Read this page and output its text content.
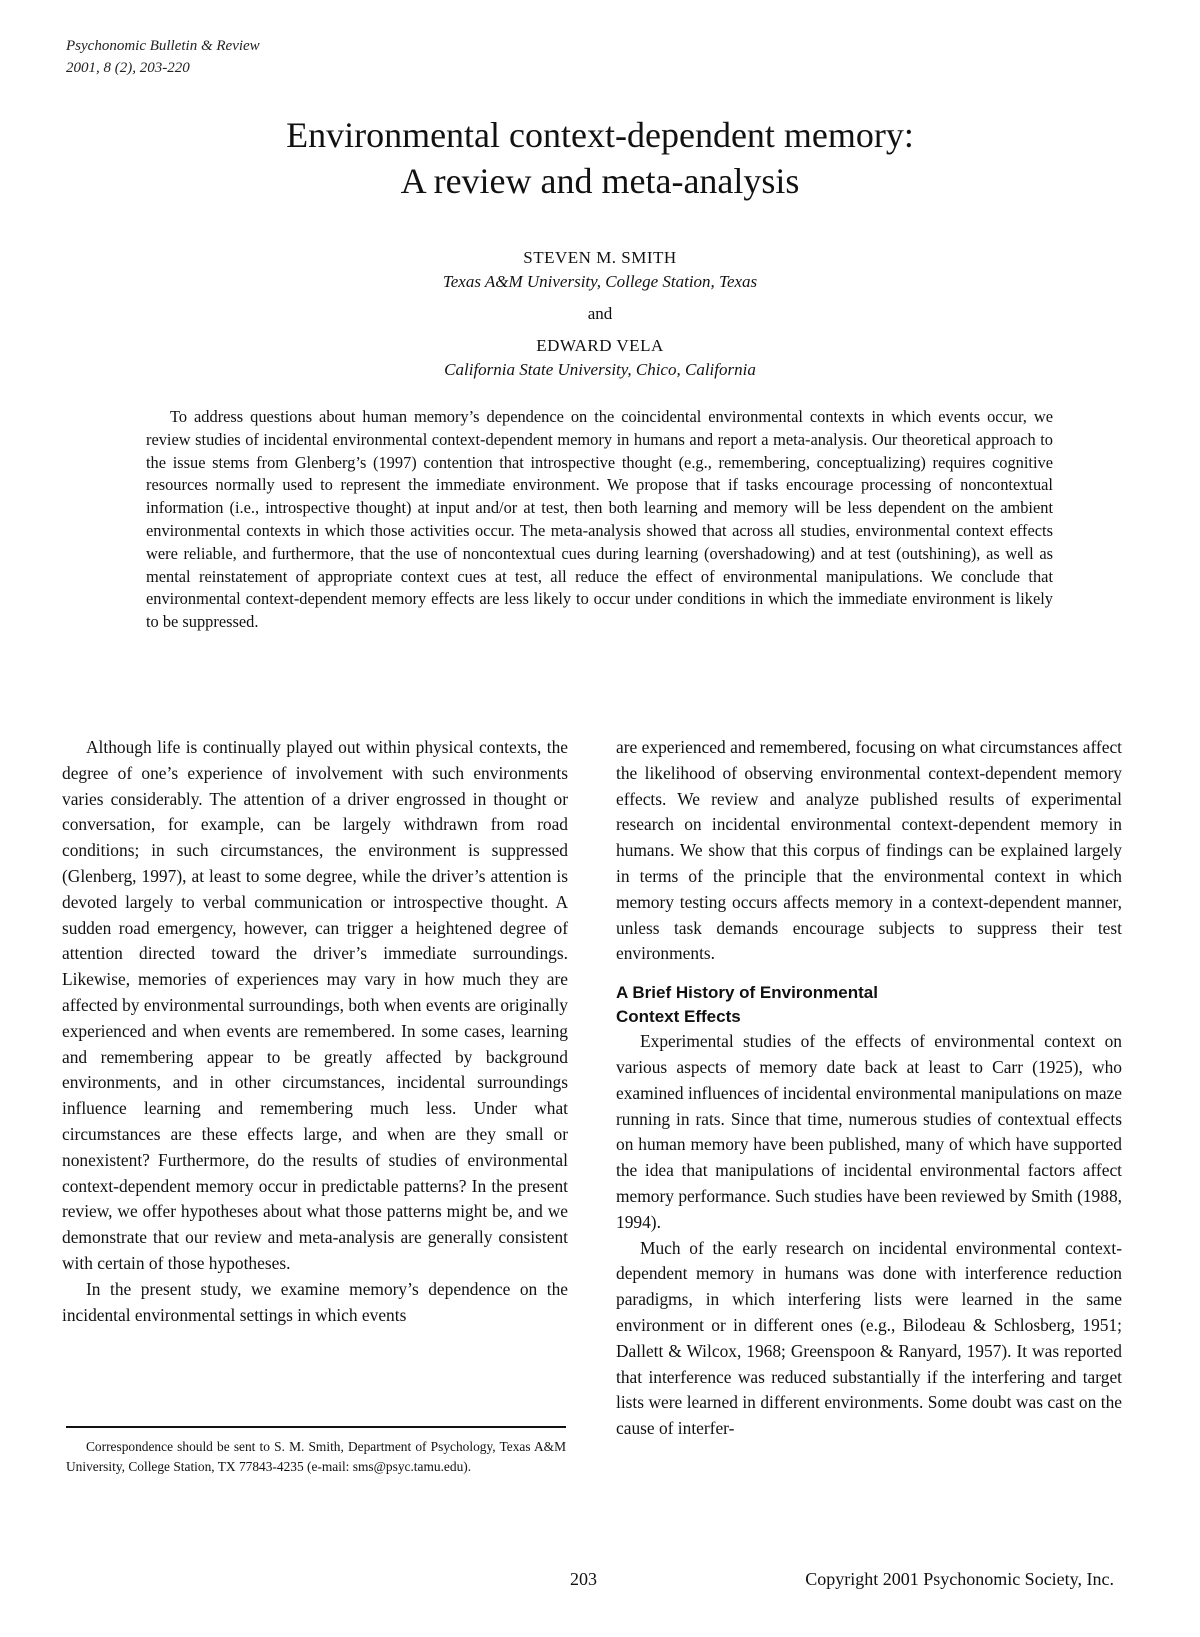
Psychonomic Bulletin & Review
2001, 8 (2), 203-220
Environmental context-dependent memory:
A review and meta-analysis
STEVEN M. SMITH
Texas A&M University, College Station, Texas
and
EDWARD VELA
California State University, Chico, California

To address questions about human memory’s dependence on the coincidental environmental contexts in which events occur, we review studies of incidental environmental context-dependent memory in humans and report a meta-analysis. Our theoretical approach to the issue stems from Glenberg’s (1997) contention that introspective thought (e.g., remembering, conceptualizing) requires cognitive resources normally used to represent the immediate environment. We propose that if tasks encourage processing of noncontextual information (i.e., introspective thought) at input and/or at test, then both learning and memory will be less dependent on the ambient environmental contexts in which those activities occur. The meta-analysis showed that across all studies, environmental context effects were reliable, and furthermore, that the use of noncontextual cues during learning (overshadowing) and at test (outshining), as well as mental reinstatement of appropriate context cues at test, all reduce the effect of environmental manipulations. We conclude that environmental context-dependent memory effects are less likely to occur under conditions in which the immediate environment is likely to be suppressed.

Although life is continually played out within physical contexts, the degree of one’s experience of involvement with such environments varies considerably. The attention of a driver engrossed in thought or conversation, for example, can be largely withdrawn from road conditions; in such circumstances, the environment is suppressed (Glenberg, 1997), at least to some degree, while the driver’s attention is devoted largely to verbal communication or introspective thought. A sudden road emergency, however, can trigger a heightened degree of attention directed toward the driver’s immediate surroundings. Likewise, memories of experiences may vary in how much they are affected by environmental surroundings, both when events are originally experienced and when events are remembered. In some cases, learning and remembering appear to be greatly affected by background environments, and in other circumstances, incidental surroundings influence learning and remembering much less. Under what circumstances are these effects large, and when are they small or nonexistent? Furthermore, do the results of studies of environmental context-dependent memory occur in predictable patterns? In the present review, we offer hypotheses about what those patterns might be, and we demonstrate that our review and meta-analysis are generally consistent with certain of those hypotheses.

In the present study, we examine memory’s dependence on the incidental environmental settings in which events

are experienced and remembered, focusing on what circumstances affect the likelihood of observing environmental context-dependent memory effects. We review and analyze published results of experimental research on incidental environmental context-dependent memory in humans. We show that this corpus of findings can be explained largely in terms of the principle that the environmental context in which memory testing occurs affects memory in a context-dependent manner, unless task demands encourage subjects to suppress their test environments.

A Brief History of Environmental
Context Effects

Experimental studies of the effects of environmental context on various aspects of memory date back at least to Carr (1925), who examined influences of incidental environmental manipulations on maze running in rats. Since that time, numerous studies of contextual effects on human memory have been published, many of which have supported the idea that manipulations of incidental environmental factors affect memory performance. Such studies have been reviewed by Smith (1988, 1994).

Much of the early research on incidental environmental context-dependent memory in humans was done with interference reduction paradigms, in which interfering lists were learned in the same environment or in different ones (e.g., Bilodeau & Schlosberg, 1951; Dallett & Wilcox, 1968; Greenspoon & Ranyard, 1957). It was reported that interference was reduced substantially if the interfering and target lists were learned in different environments. Some doubt was cast on the cause of interfer-

Correspondence should be sent to S. M. Smith, Department of Psychology, Texas A&M University, College Station, TX 77843-4235 (e-mail: sms@psyc.tamu.edu).

203	Copyright 2001 Psychonomic Society, Inc.
